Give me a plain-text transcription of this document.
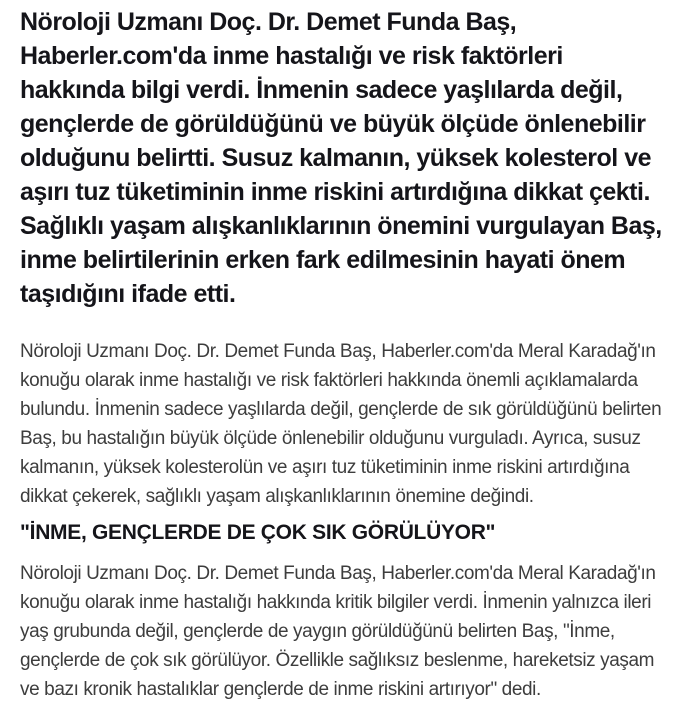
Nöroloji Uzmanı Doç. Dr. Demet Funda Baş, Haberler.com'da inme hastalığı ve risk faktörleri hakkında bilgi verdi. İnmenin sadece yaşlılarda değil, gençlerde de görüldüğünü ve büyük ölçüde önlenebilir olduğunu belirtti. Susuz kalmanın, yüksek kolesterol ve aşırı tuz tüketiminin inme riskini artırdığına dikkat çekti. Sağlıklı yaşam alışkanlıklarının önemini vurgulayan Baş, inme belirtilerinin erken fark edilmesinin hayati önem taşıdığını ifade etti.

Nöroloji Uzmanı Doç. Dr. Demet Funda Baş, Haberler.com'da Meral Karadağ'ın konuğu olarak inme hastalığı ve risk faktörleri hakkında önemli açıklamalarda bulundu. İnmenin sadece yaşlılarda değil, gençlerde de sık görüldüğünü belirten Baş, bu hastalığın büyük ölçüde önlenebilir olduğunu vurguladı. Ayrıca, susuz kalmanın, yüksek kolesterolün ve aşırı tuz tüketiminin inme riskini artırdığına dikkat çekerek, sağlıklı yaşam alışkanlıklarının önemine değindi.

"İNME, GENÇLERDE DE ÇOK SIK GÖRÜLÜYOR"

Nöroloji Uzmanı Doç. Dr. Demet Funda Baş, Haberler.com'da Meral Karadağ'ın konuğu olarak inme hastalığı hakkında kritik bilgiler verdi. İnmenin yalnızca ileri yaş grubunda değil, gençlerde de yaygın görüldüğünü belirten Baş, "İnme, gençlerde de çok sık görülüyor. Özellikle sağlıksız beslenme, hareketsiz yaşam ve bazı kronik hastalıklar gençlerde de inme riskini artırıyor" dedi.
